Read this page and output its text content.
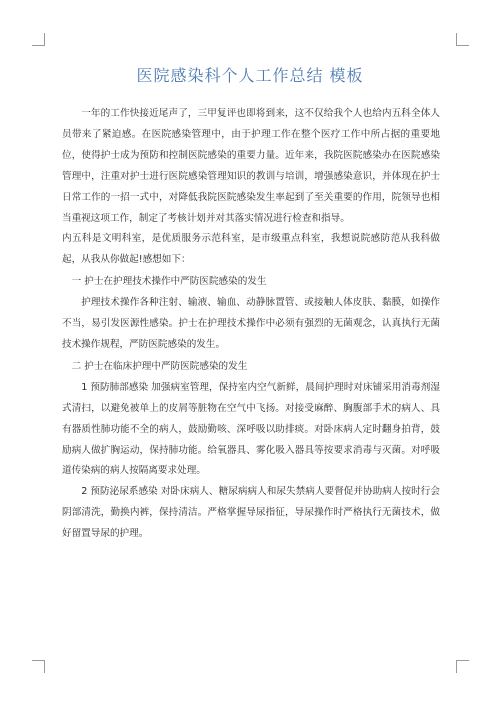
医院感染科个人工作总结 模板

一年的工作快接近尾声了，三甲复评也即将到来，这不仅给我个人也给内五科全体人员带来了紧迫感。在医院感染管理中，由于护理工作在整个医疗工作中所占据的重要地位，使得护士成为预防和控制医院感染的重要力量。近年来，我院医院感染办在医院感染管理中，注重对护士进行医院感染管理知识的教训与培训，增强感染意识，并体现在护士日常工作的一招一式中，对降低我院医院感染发生率起到了至关重要的作用，院领导也相当重视这项工作，制定了考核计划并对其落实情况进行检查和指导。

内五科是文明科室，是优质服务示范科室，是市级重点科室，我想说院感防范从我科做起，从我从你做起!感想如下：

一 护士在护理技术操作中严防医院感染的发生

护理技术操作各种注射、输液、输血、动静脉置管、或接触人体皮肤、黏膜，如操作不当，易引发医源性感染。护士在护理技术操作中必须有强烈的无菌观念，认真执行无菌技术操作规程，严防医院感染的发生。

二 护士在临床护理中严防医院感染的发生

1 预防肺部感染 加强病室管理，保持室内空气新鲜，晨间护理时对床铺采用消毒剂湿式清扫，以避免被单上的皮屑等脏物在空气中飞扬。对接受麻醉、胸腹部手术的病人、具有器质性肺功能不全的病人，鼓励勤咳、深呼吸以助排痰。对卧床病人定时翻身拍背，鼓励病人做扩胸运动，保持肺功能。给氧器具、雾化吸入器具等按要求消毒与灭菌。对呼吸道传染病的病人按隔离要求处理。

2 预防泌尿系感染 对卧床病人、糖尿病病人和尿失禁病人要督促并协助病人按时行会阴部清洗，勤换内裤，保持清洁。严格掌握导尿指征，导尿操作时严格执行无菌技术，做好留置导尿的护理。
